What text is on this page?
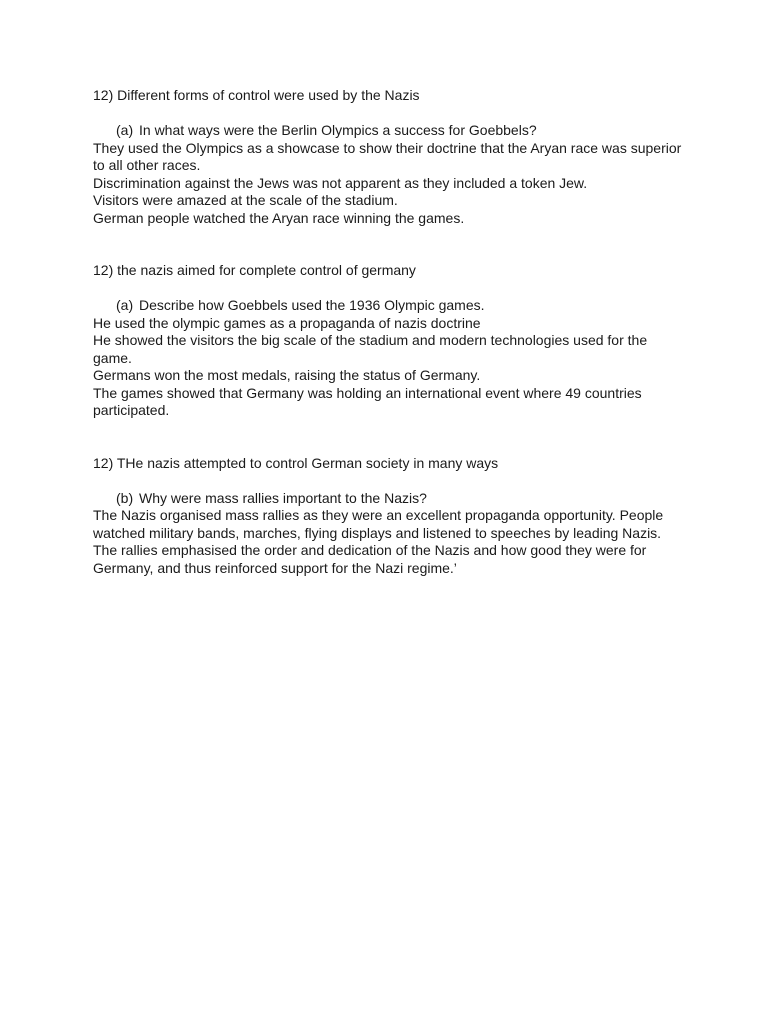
12) Different forms of control were used by the Nazis

(a) In what ways were the Berlin Olympics a success for Goebbels?

They used the Olympics as a showcase to show their doctrine that the Aryan race was superior to all other races.

Discrimination against the Jews was not apparent as they included a token Jew.

Visitors were amazed at the scale of the stadium.

German people watched the Aryan race winning the games.

12) the nazis aimed for complete control of germany

(a) Describe how Goebbels used the 1936 Olympic games.

He used the olympic games as a propaganda of nazis doctrine

He showed the visitors the big scale of the stadium and modern technologies used for the game.

Germans won the most medals, raising the status of Germany.

The games showed that Germany was holding an international event where 49 countries participated.

12) THe nazis attempted to control German society in many ways

(b) Why were mass rallies important to the Nazis?

The Nazis organised mass rallies as they were an excellent propaganda opportunity. People watched military bands, marches, flying displays and listened to speeches by leading Nazis. The rallies emphasised the order and dedication of the Nazis and how good they were for Germany, and thus reinforced support for the Nazi regime.’
